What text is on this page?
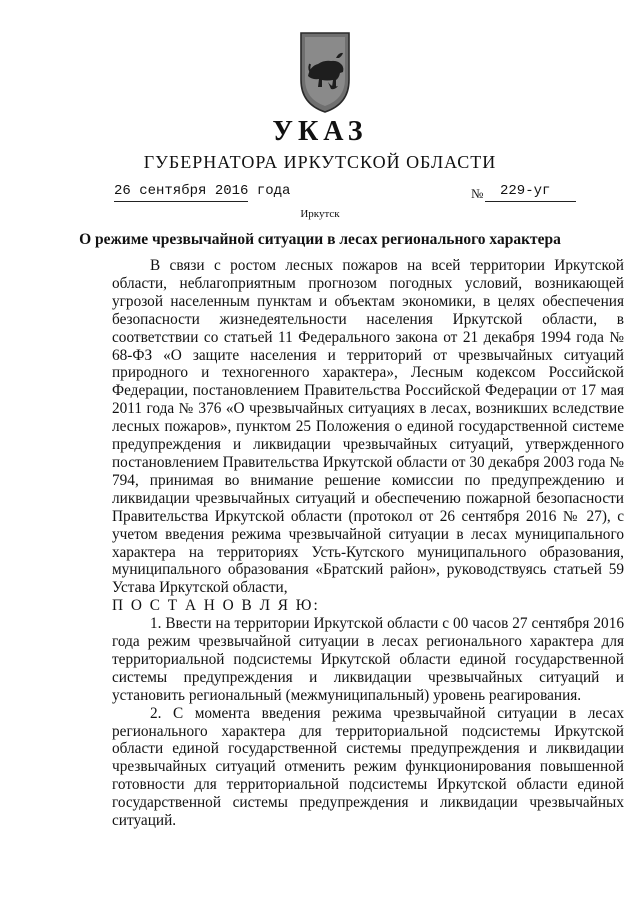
УКАЗ
ГУБЕРНАТОРА ИРКУТСКОЙ ОБЛАСТИ
26 сентября 2016 года	№ 229-уг
Иркутск
О режиме чрезвычайной ситуации в лесах регионального характера

В связи с ростом лесных пожаров на всей территории Иркутской области, неблагоприятным прогнозом погодных условий, возникающей угрозой населенным пунктам и объектам экономики, в целях обеспечения безопасности жизнедеятельности населения Иркутской области, в соответствии со статьей 11 Федерального закона от 21 декабря 1994 года № 68-ФЗ «О защите населения и территорий от чрезвычайных ситуаций природного и техногенного характера», Лесным кодексом Российской Федерации, постановлением Правительства Российской Федерации от 17 мая 2011 года № 376 «О чрезвычайных ситуациях в лесах, возникших вследствие лесных пожаров», пунктом 25 Положения о единой государственной системе предупреждения и ликвидации чрезвычайных ситуаций, утвержденного постановлением Правительства Иркутской области от 30 декабря 2003 года № 794, принимая во внимание решение комиссии по предупреждению и ликвидации чрезвычайных ситуаций и обеспечению пожарной безопасности Правительства Иркутской области (протокол от 26 сентября 2016 № 27), с учетом введения режима чрезвычайной ситуации в лесах муниципального характера на территориях Усть-Кутского муниципального образования, муниципального образования «Братский район», руководствуясь статьей 59 Устава Иркутской области,

П О С Т А Н О В Л Я Ю:

1. Ввести на территории Иркутской области с 00 часов 27 сентября 2016 года режим чрезвычайной ситуации в лесах регионального характера для территориальной подсистемы Иркутской области единой государственной системы предупреждения и ликвидации чрезвычайных ситуаций и установить региональный (межмуниципальный) уровень реагирования.

2. С момента введения режима чрезвычайной ситуации в лесах регионального характера для территориальной подсистемы Иркутской области единой государственной системы предупреждения и ликвидации чрезвычайных ситуаций отменить режим функционирования повышенной готовности для территориальной подсистемы Иркутской области единой государственной системы предупреждения и ликвидации чрезвычайных ситуаций.
